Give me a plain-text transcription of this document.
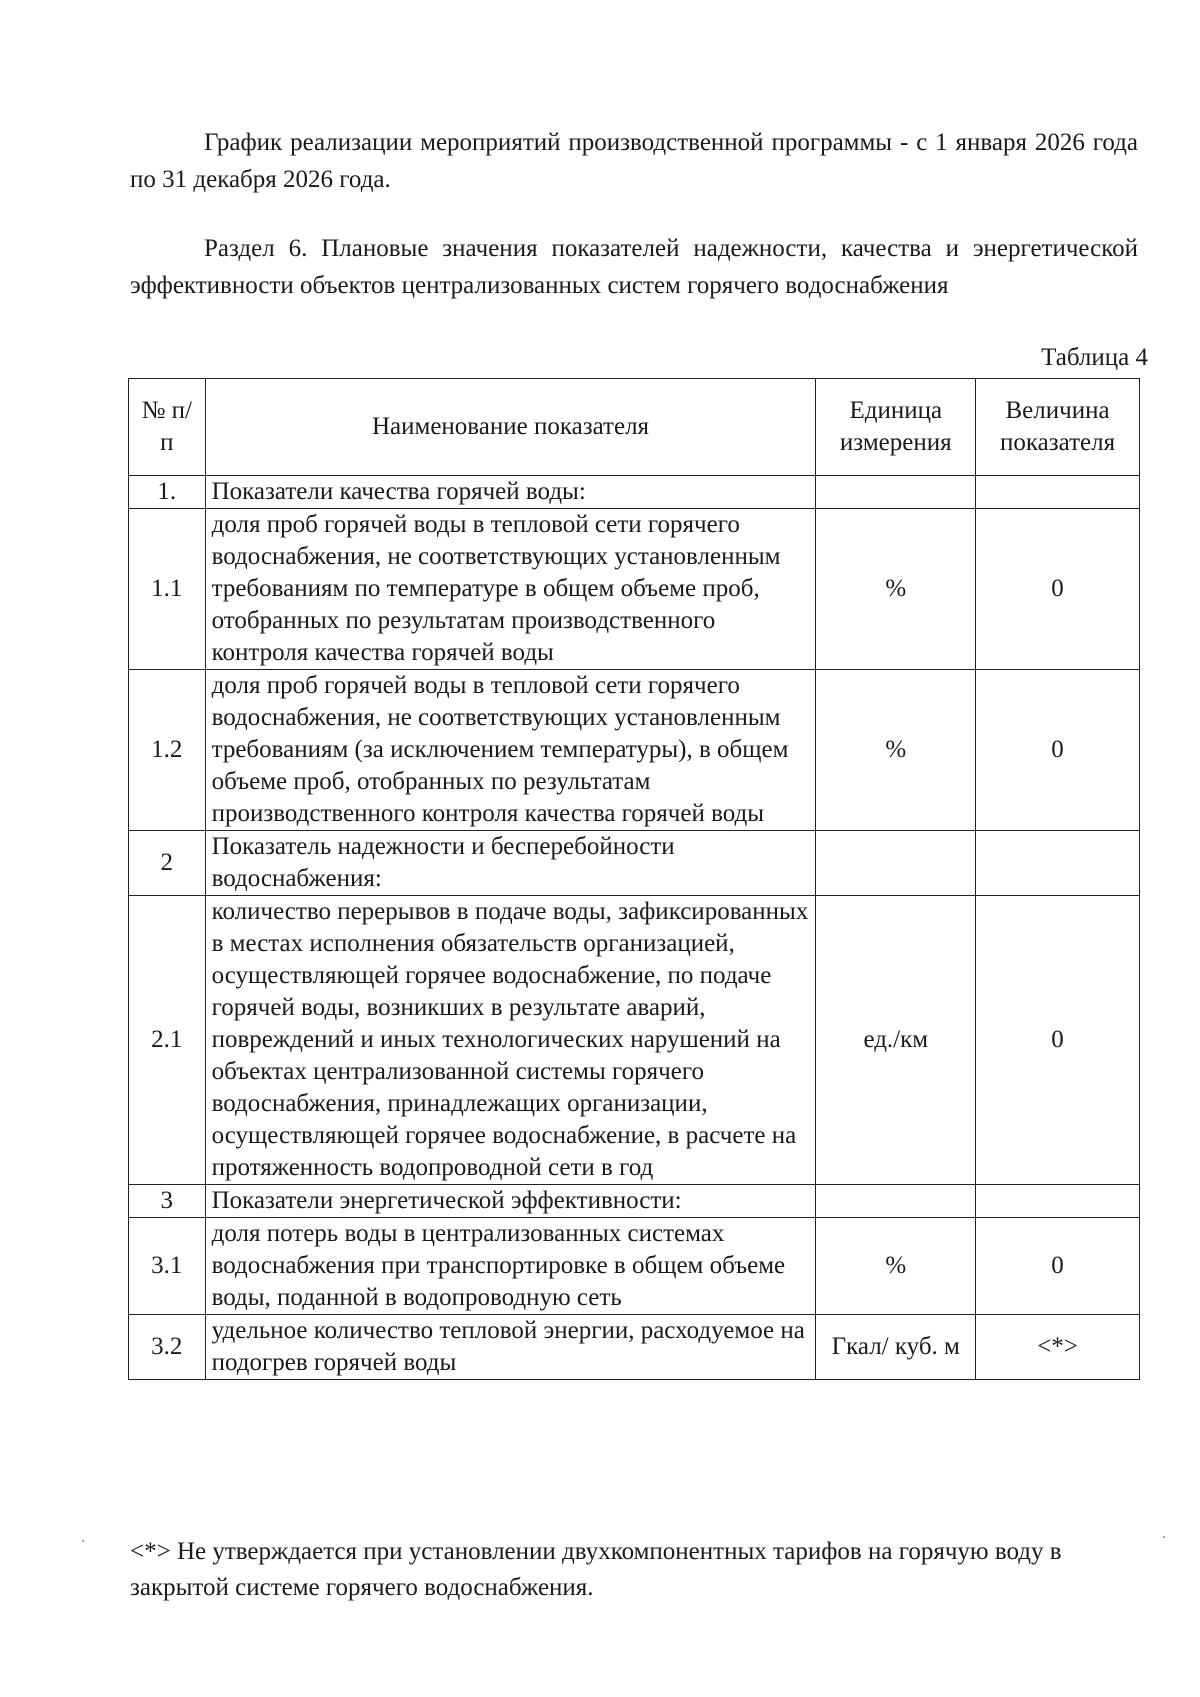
График реализации мероприятий производственной программы - с 1 января 2026 года по 31 декабря 2026 года.

Раздел 6. Плановые значения показателей надежности, качества и энергетической эффективности объектов централизованных систем горячего водоснабжения

Таблица 4

№ п/п	Наименование показателя	Единица измерения	Величина показателя
1.	Показатели качества горячей воды:		
1.1	доля проб горячей воды в тепловой сети горячего водоснабжения, не соответствующих установленным требованиям по температуре в общем объеме проб, отобранных по результатам производственного контроля качества горячей воды	%	0
1.2	доля проб горячей воды в тепловой сети горячего водоснабжения, не соответствующих установленным требованиям (за исключением температуры), в общем объеме проб, отобранных по результатам производственного контроля качества горячей воды	%	0
2	Показатель надежности и бесперебойности водоснабжения:		
2.1	количество перерывов в подаче воды, зафиксированных в местах исполнения обязательств организацией, осуществляющей горячее водоснабжение, по подаче горячей воды, возникших в результате аварий, повреждений и иных технологических нарушений на объектах централизованной системы горячего водоснабжения, принадлежащих организации, осуществляющей горячее водоснабжение, в расчете на протяженность водопроводной сети в год	ед./км	0
3	Показатели энергетической эффективности:		
3.1	доля потерь воды в централизованных системах водоснабжения при транспортировке в общем объеме воды, поданной в водопроводную сеть	%	0
3.2	удельное количество тепловой энергии, расходуемое на подогрев горячей воды	Гкал/ куб. м	<*>

<*> Не утверждается при установлении двухкомпонентных тарифов на горячую воду в закрытой системе горячего водоснабжения.
